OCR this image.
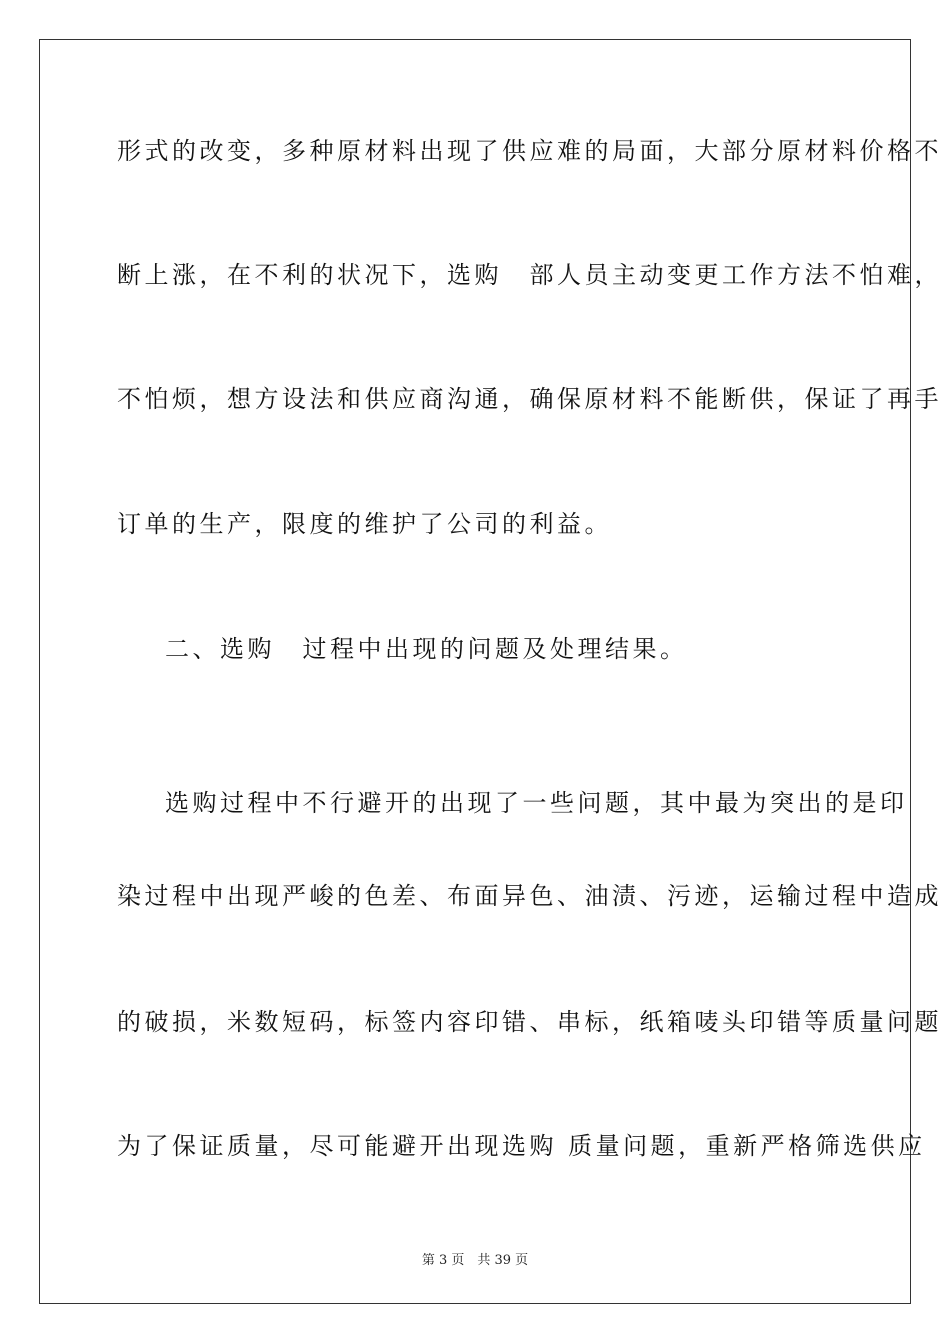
形式的改变，多种原材料出现了供应难的局面，大部分原材料价格不
断上涨，在不利的状况下，选购　部人员主动变更工作方法不怕难，
不怕烦，想方设法和供应商沟通，确保原材料不能断供，保证了再手
订单的生产，限度的维护了公司的利益。
二、选购　过程中出现的问题及处理结果。
选购过程中不行避开的出现了一些问题，其中最为突出的是印
染过程中出现严峻的色差、布面异色、油渍、污迹，运输过程中造成
的破损，米数短码，标签内容印错、串标，纸箱唛头印错等质量问题
为了保证质量，尽可能避开出现选购 质量问题，重新严格筛选供应
第 3 页　共 39 页
